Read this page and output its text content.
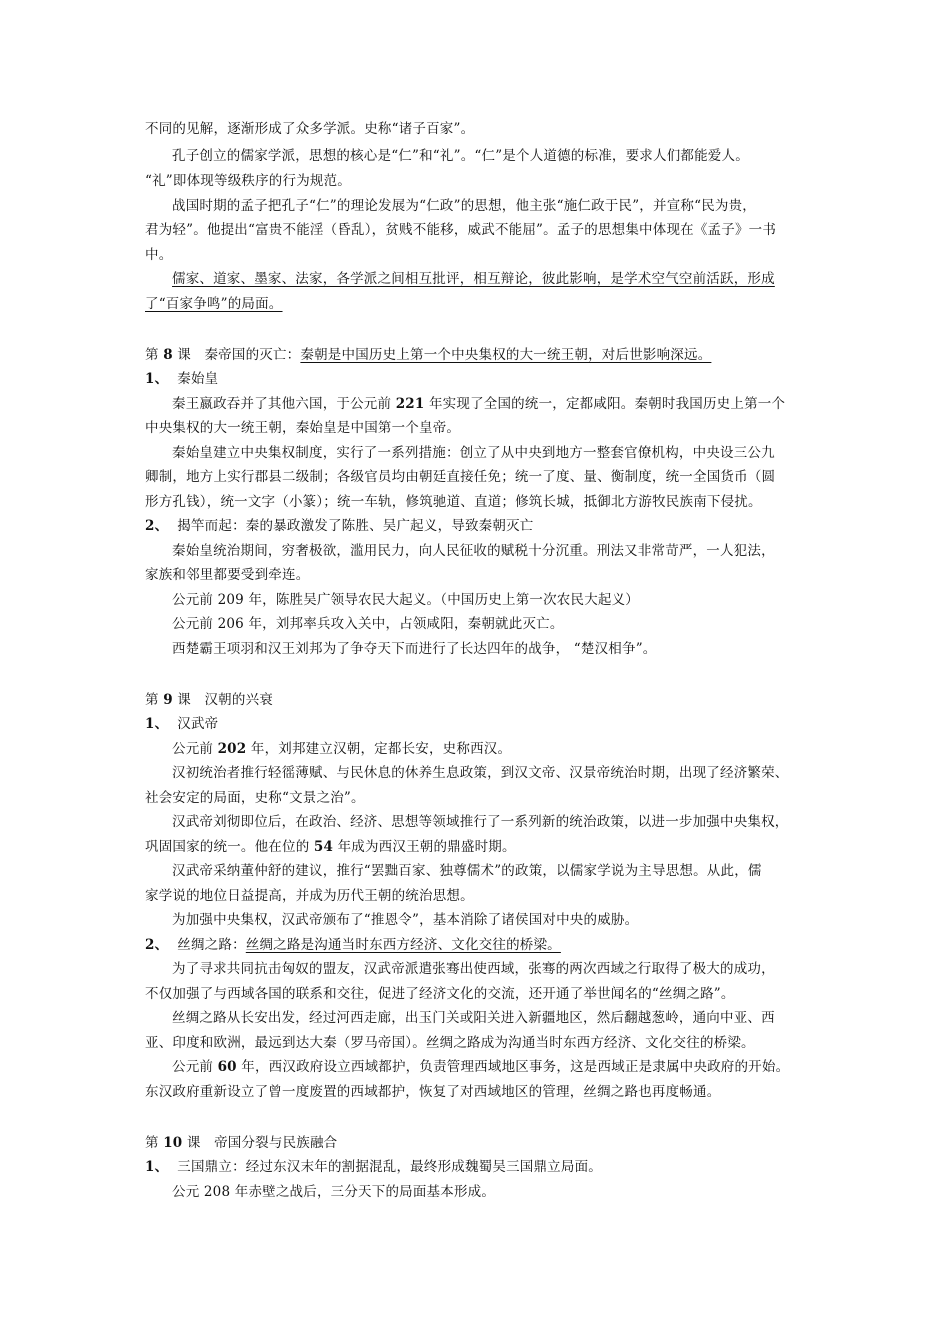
不同的见解，逐渐形成了众多学派。史称“诸子百家”。
孔子创立的儒家学派，思想的核心是“仁”和“礼”。“仁”是个人道德的标准，要求人们都能爱人。
“礼”即体现等级秩序的行为规范。
战国时期的孟子把孔子“仁”的理论发展为“仁政”的思想，他主张“施仁政于民”，并宣称“民为贵，
君为轻”。他提出“富贵不能淫（昏乱），贫贱不能移，威武不能屈”。孟子的思想集中体现在《孟子》一书
中。
儒家、道家、墨家、法家，各学派之间相互批评，相互辩论，彼此影响，是学术空气空前活跃，形成
了“百家争鸣”的局面。
第 8 课 秦帝国的灭亡：秦朝是中国历史上第一个中央集权的大一统王朝，对后世影响深远。
1、 秦始皇
秦王嬴政吞并了其他六国，于公元前 221 年实现了全国的统一，定都咸阳。秦朝时我国历史上第一个
中央集权的大一统王朝，秦始皇是中国第一个皇帝。
秦始皇建立中央集权制度，实行了一系列措施：创立了从中央到地方一整套官僚机构，中央设三公九
卿制，地方上实行郡县二级制；各级官员均由朝廷直接任免；统一了度、量、衡制度，统一全国货币（圆
形方孔钱），统一文字（小篆）；统一车轨，修筑驰道、直道；修筑长城，抵御北方游牧民族南下侵扰。
2、 揭竿而起：秦的暴政激发了陈胜、吴广起义，导致秦朝灭亡
秦始皇统治期间，穷奢极欲，滥用民力，向人民征收的赋税十分沉重。刑法又非常苛严，一人犯法，
家族和邻里都要受到牵连。
公元前 209 年，陈胜吴广领导农民大起义。（中国历史上第一次农民大起义）
公元前 206 年，刘邦率兵攻入关中，占领咸阳，秦朝就此灭亡。
西楚霸王项羽和汉王刘邦为了争夺天下而进行了长达四年的战争， “楚汉相争”。
第 9 课 汉朝的兴衰
1、 汉武帝
公元前 202 年，刘邦建立汉朝，定都长安，史称西汉。
汉初统治者推行轻徭薄赋、与民休息的休养生息政策，到汉文帝、汉景帝统治时期，出现了经济繁荣、
社会安定的局面，史称“文景之治”。
汉武帝刘彻即位后，在政治、经济、思想等领域推行了一系列新的统治政策，以进一步加强中央集权，
巩固国家的统一。他在位的 54 年成为西汉王朝的鼎盛时期。
汉武帝采纳董仲舒的建议，推行“罢黜百家、独尊儒术”的政策，以儒家学说为主导思想。从此，儒
家学说的地位日益提高，并成为历代王朝的统治思想。
为加强中央集权，汉武帝颁布了“推恩令”，基本消除了诸侯国对中央的威胁。
2、 丝绸之路：丝绸之路是沟通当时东西方经济、文化交往的桥梁。
为了寻求共同抗击匈奴的盟友，汉武帝派遣张骞出使西域，张骞的两次西域之行取得了极大的成功，
不仅加强了与西域各国的联系和交往，促进了经济文化的交流，还开通了举世闻名的“丝绸之路”。
丝绸之路从长安出发，经过河西走廊，出玉门关或阳关进入新疆地区，然后翻越葱岭，通向中亚、西
亚、印度和欧洲，最远到达大秦（罗马帝国）。丝绸之路成为沟通当时东西方经济、文化交往的桥梁。
公元前 60 年，西汉政府设立西域都护，负责管理西域地区事务，这是西域正是隶属中央政府的开始。
东汉政府重新设立了曾一度废置的西域都护，恢复了对西域地区的管理，丝绸之路也再度畅通。
第 10 课 帝国分裂与民族融合
1、 三国鼎立：经过东汉末年的割据混乱，最终形成魏蜀吴三国鼎立局面。
公元 208 年赤壁之战后，三分天下的局面基本形成。
